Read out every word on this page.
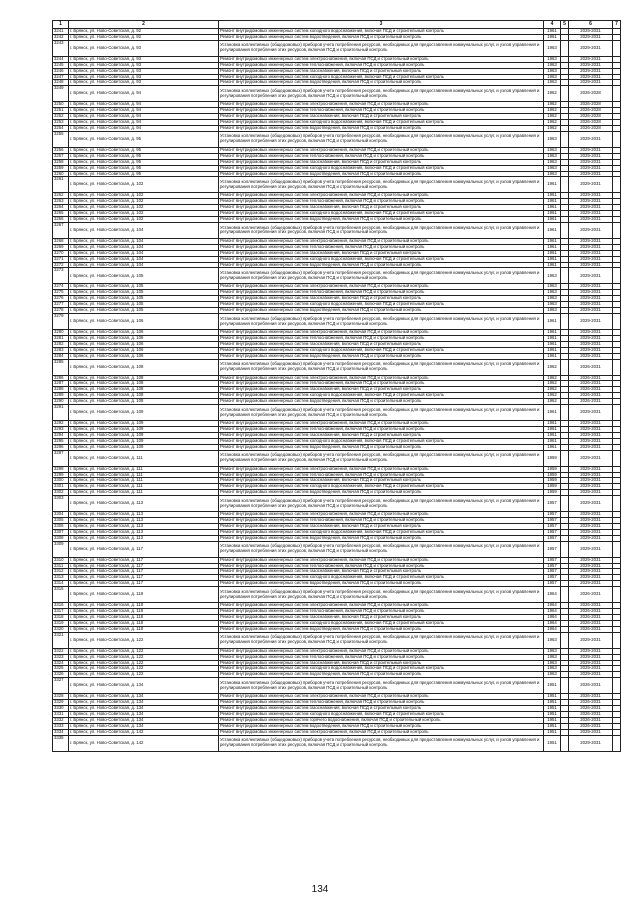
1	2	3	4	5	6	7
3241	г. Брянск, ул. Ново-Советская, д. 92	Ремонт внутридомовых инженерных систем холодного водоснабжения, включая ПСД и строительный контроль	1961		2029-2031	
3242	г. Брянск, ул. Ново-Советская, д. 92	Ремонт внутридомовых инженерных систем водоотведения, включая ПСД и строительный контроль	1961		2029-2031	
3243	г. Брянск, ул. Ново-Советская, д. 93	Установка коллективных (общедомовых) приборов учета потребления ресурсов, необходимых для предоставления коммунальных услуг, и узлов управления и регулирования потребления этих ресурсов, включая ПСД и строительный контроль	1963		2029-2031	
3244	г. Брянск, ул. Ново-Советская, д. 93	Ремонт внутридомовых инженерных систем электроснабжения, включая ПСД и строительный контроль	1963		2029-2031	
3245	г. Брянск, ул. Ново-Советская, д. 93	Ремонт внутридомовых инженерных систем теплоснабжения, включая ПСД и строительный контроль	1963		2029-2031	
3246	г. Брянск, ул. Ново-Советская, д. 93	Ремонт внутридомовых инженерных систем газоснабжения, включая ПСД и строительный контроль	1963		2029-2031	
3247	г. Брянск, ул. Ново-Советская, д. 93	Ремонт внутридомовых инженерных систем холодного водоснабжения, включая ПСД и строительный контроль	1963		2029-2031	
3248	г. Брянск, ул. Ново-Советская, д. 93	Ремонт внутридомовых инженерных систем водоотведения, включая ПСД и строительный контроль	1963		2029-2031	
3249	г. Брянск, ул. Ново-Советская, д. 94	Установка коллективных (общедомовых) приборов учета потребления ресурсов, необходимых для предоставления коммунальных услуг, и узлов управления и регулирования потребления этих ресурсов, включая ПСД и строительный контроль	1962		2026-2028	
3250	г. Брянск, ул. Ново-Советская, д. 94	Ремонт внутридомовых инженерных систем электроснабжения, включая ПСД и строительный контроль	1962		2026-2028	
3251	г. Брянск, ул. Ново-Советская, д. 94	Ремонт внутридомовых инженерных систем теплоснабжения, включая ПСД и строительный контроль	1962		2026-2028	
3252	г. Брянск, ул. Ново-Советская, д. 94	Ремонт внутридомовых инженерных систем газоснабжения, включая ПСД и строительный контроль	1962		2026-2028	
3253	г. Брянск, ул. Ново-Советская, д. 94	Ремонт внутридомовых инженерных систем холодного водоснабжения, включая ПСД и строительный контроль	1962		2026-2028	
3254	г. Брянск, ул. Ново-Советская, д. 94	Ремонт внутридомовых инженерных систем водоотведения, включая ПСД и строительный контроль	1962		2026-2028	
3255	г. Брянск, ул. Ново-Советская, д. 95	Установка коллективных (общедомовых) приборов учета потребления ресурсов, необходимых для предоставления коммунальных услуг, и узлов управления и регулирования потребления этих ресурсов, включая ПСД и строительный контроль	1963		2029-2031	
3256	г. Брянск, ул. Ново-Советская, д. 95	Ремонт внутридомовых инженерных систем электроснабжения, включая ПСД и строительный контроль	1963		2029-2031	
3257	г. Брянск, ул. Ново-Советская, д. 95	Ремонт внутридомовых инженерных систем теплоснабжения, включая ПСД и строительный контроль	1963		2029-2031	
3258	г. Брянск, ул. Ново-Советская, д. 95	Ремонт внутридомовых инженерных систем газоснабжения, включая ПСД и строительный контроль	1963		2029-2031	
3259	г. Брянск, ул. Ново-Советская, д. 95	Ремонт внутридомовых инженерных систем холодного водоснабжения, включая ПСД и строительный контроль	1963		2029-2031	
3260	г. Брянск, ул. Ново-Советская, д. 95	Ремонт внутридомовых инженерных систем водоотведения, включая ПСД и строительный контроль	1963		2029-2031	
3261	г. Брянск, ул. Ново-Советская, д. 102	Установка коллективных (общедомовых) приборов учета потребления ресурсов, необходимых для предоставления коммунальных услуг, и узлов управления и регулирования потребления этих ресурсов, включая ПСД и строительный контроль	1961		2029-2031	
3262	г. Брянск, ул. Ново-Советская, д. 102	Ремонт внутридомовых инженерных систем электроснабжения, включая ПСД и строительный контроль	1961		2029-2031	
3263	г. Брянск, ул. Ново-Советская, д. 102	Ремонт внутридомовых инженерных систем теплоснабжения, включая ПСД и строительный контроль	1961		2029-2031	
3264	г. Брянск, ул. Ново-Советская, д. 102	Ремонт внутридомовых инженерных систем газоснабжения, включая ПСД и строительный контроль	1961		2029-2031	
3265	г. Брянск, ул. Ново-Советская, д. 102	Ремонт внутридомовых инженерных систем холодного водоснабжения, включая ПСД и строительный контроль	1961		2029-2031	
3266	г. Брянск, ул. Ново-Советская, д. 102	Ремонт внутридомовых инженерных систем водоотведения, включая ПСД и строительный контроль	1961		2029-2031	
3267	г. Брянск, ул. Ново-Советская, д. 104	Установка коллективных (общедомовых) приборов учета потребления ресурсов, необходимых для предоставления коммунальных услуг, и узлов управления и регулирования потребления этих ресурсов, включая ПСД и строительный контроль	1961		2029-2031	
3268	г. Брянск, ул. Ново-Советская, д. 104	Ремонт внутридомовых инженерных систем электроснабжения, включая ПСД и строительный контроль	1961		2029-2031	
3269	г. Брянск, ул. Ново-Советская, д. 104	Ремонт внутридомовых инженерных систем теплоснабжения, включая ПСД и строительный контроль	1961		2029-2031	
3270	г. Брянск, ул. Ново-Советская, д. 104	Ремонт внутридомовых инженерных систем газоснабжения, включая ПСД и строительный контроль	1961		2029-2031	
3271	г. Брянск, ул. Ново-Советская, д. 104	Ремонт внутридомовых инженерных систем холодного водоснабжения, включая ПСД и строительный контроль	1961		2029-2031	
3272	г. Брянск, ул. Ново-Советская, д. 104	Ремонт внутридомовых инженерных систем водоотведения, включая ПСД и строительный контроль	1961		2029-2031	
3273	г. Брянск, ул. Ново-Советская, д. 105	Установка коллективных (общедомовых) приборов учета потребления ресурсов, необходимых для предоставления коммунальных услуг, и узлов управления и регулирования потребления этих ресурсов, включая ПСД и строительный контроль	1963		2029-2031	
3274	г. Брянск, ул. Ново-Советская, д. 105	Ремонт внутридомовых инженерных систем электроснабжения, включая ПСД и строительный контроль	1963		2029-2031	
3275	г. Брянск, ул. Ново-Советская, д. 105	Ремонт внутридомовых инженерных систем теплоснабжения, включая ПСД и строительный контроль	1963		2029-2031	
3276	г. Брянск, ул. Ново-Советская, д. 105	Ремонт внутридомовых инженерных систем газоснабжения, включая ПСД и строительный контроль	1963		2029-2031	
3277	г. Брянск, ул. Ново-Советская, д. 105	Ремонт внутридомовых инженерных систем холодного водоснабжения, включая ПСД и строительный контроль	1963		2029-2031	
3278	г. Брянск, ул. Ново-Советская, д. 105	Ремонт внутридомовых инженерных систем водоотведения, включая ПСД и строительный контроль	1963		2029-2031	
3279	г. Брянск, ул. Ново-Советская, д. 106	Установка коллективных (общедомовых) приборов учета потребления ресурсов, необходимых для предоставления коммунальных услуг, и узлов управления и регулирования потребления этих ресурсов, включая ПСД и строительный контроль	1961		2029-2031	
3280	г. Брянск, ул. Ново-Советская, д. 106	Ремонт внутридомовых инженерных систем электроснабжения, включая ПСД и строительный контроль	1961		2029-2031	
3281	г. Брянск, ул. Ново-Советская, д. 106	Ремонт внутридомовых инженерных систем теплоснабжения, включая ПСД и строительный контроль	1961		2029-2031	
3282	г. Брянск, ул. Ново-Советская, д. 106	Ремонт внутридомовых инженерных систем газоснабжения, включая ПСД и строительный контроль	1961		2029-2031	
3283	г. Брянск, ул. Ново-Советская, д. 106	Ремонт внутридомовых инженерных систем холодного водоснабжения, включая ПСД и строительный контроль	1961		2029-2031	
3284	г. Брянск, ул. Ново-Советская, д. 106	Ремонт внутридомовых инженерных систем водоотведения, включая ПСД и строительный контроль	1961		2029-2031	
3285	г. Брянск, ул. Ново-Советская, д. 108	Установка коллективных (общедомовых) приборов учета потребления ресурсов, необходимых для предоставления коммунальных услуг, и узлов управления и регулирования потребления этих ресурсов, включая ПСД и строительный контроль	1962		2026-2031	
3286	г. Брянск, ул. Ново-Советская, д. 108	Ремонт внутридомовых инженерных систем электроснабжения, включая ПСД и строительный контроль	1962		2026-2031	
3287	г. Брянск, ул. Ново-Советская, д. 108	Ремонт внутридомовых инженерных систем теплоснабжения, включая ПСД и строительный контроль	1962		2026-2031	
3288	г. Брянск, ул. Ново-Советская, д. 108	Ремонт внутридомовых инженерных систем газоснабжения, включая ПСД и строительный контроль	1962		2026-2031	
3289	г. Брянск, ул. Ново-Советская, д. 108	Ремонт внутридомовых инженерных систем холодного водоснабжения, включая ПСД и строительный контроль	1962		2026-2031	
3290	г. Брянск, ул. Ново-Советская, д. 108	Ремонт внутридомовых инженерных систем водоотведения, включая ПСД и строительный контроль	1962		2026-2031	
3291	г. Брянск, ул. Ново-Советская, д. 109	Установка коллективных (общедомовых) приборов учета потребления ресурсов, необходимых для предоставления коммунальных услуг, и узлов управления и регулирования потребления этих ресурсов, включая ПСД и строительный контроль	1961		2029-2031	
3292	г. Брянск, ул. Ново-Советская, д. 109	Ремонт внутридомовых инженерных систем электроснабжения, включая ПСД и строительный контроль	1961		2029-2031	
3293	г. Брянск, ул. Ново-Советская, д. 109	Ремонт внутридомовых инженерных систем теплоснабжения, включая ПСД и строительный контроль	1961		2029-2031	
3294	г. Брянск, ул. Ново-Советская, д. 109	Ремонт внутридомовых инженерных систем газоснабжения, включая ПСД и строительный контроль	1961		2029-2031	
3295	г. Брянск, ул. Ново-Советская, д. 109	Ремонт внутридомовых инженерных систем холодного водоснабжения, включая ПСД и строительный контроль	1961		2029-2031	
3296	г. Брянск, ул. Ново-Советская, д. 109	Ремонт внутридомовых инженерных систем водоотведения, включая ПСД и строительный контроль	1961		2029-2031	
3297	г. Брянск, ул. Ново-Советская, д. 111	Установка коллективных (общедомовых) приборов учета потребления ресурсов, необходимых для предоставления коммунальных услуг, и узлов управления и регулирования потребления этих ресурсов, включая ПСД и строительный контроль	1959		2029-2031	
3298	г. Брянск, ул. Ново-Советская, д. 111	Ремонт внутридомовых инженерных систем электроснабжения, включая ПСД и строительный контроль	1959		2029-2031	
3299	г. Брянск, ул. Ново-Советская, д. 111	Ремонт внутридомовых инженерных систем теплоснабжения, включая ПСД и строительный контроль	1959		2029-2031	
3300	г. Брянск, ул. Ново-Советская, д. 111	Ремонт внутридомовых инженерных систем газоснабжения, включая ПСД и строительный контроль	1959		2029-2031	
3301	г. Брянск, ул. Ново-Советская, д. 111	Ремонт внутридомовых инженерных систем холодного водоснабжения, включая ПСД и строительный контроль	1959		2029-2031	
3302	г. Брянск, ул. Ново-Советская, д. 111	Ремонт внутридомовых инженерных систем водоотведения, включая ПСД и строительный контроль	1959		2029-2031	
3303	г. Брянск, ул. Ново-Советская, д. 113	Установка коллективных (общедомовых) приборов учета потребления ресурсов, необходимых для предоставления коммунальных услуг, и узлов управления и регулирования потребления этих ресурсов, включая ПСД и строительный контроль	1957		2029-2031	
3304	г. Брянск, ул. Ново-Советская, д. 113	Ремонт внутридомовых инженерных систем электроснабжения, включая ПСД и строительный контроль	1957		2029-2031	
3305	г. Брянск, ул. Ново-Советская, д. 113	Ремонт внутридомовых инженерных систем теплоснабжения, включая ПСД и строительный контроль	1957		2029-2031	
3306	г. Брянск, ул. Ново-Советская, д. 113	Ремонт внутридомовых инженерных систем газоснабжения, включая ПСД и строительный контроль	1957		2029-2031	
3307	г. Брянск, ул. Ново-Советская, д. 113	Ремонт внутридомовых инженерных систем холодного водоснабжения, включая ПСД и строительный контроль	1957		2029-2031	
3308	г. Брянск, ул. Ново-Советская, д. 113	Ремонт внутридомовых инженерных систем водоотведения, включая ПСД и строительный контроль	1957		2029-2031	
3309	г. Брянск, ул. Ново-Советская, д. 117	Установка коллективных (общедомовых) приборов учета потребления ресурсов, необходимых для предоставления коммунальных услуг, и узлов управления и регулирования потребления этих ресурсов, включая ПСД и строительный контроль	1957		2029-2031	
3310	г. Брянск, ул. Ново-Советская, д. 117	Ремонт внутридомовых инженерных систем электроснабжения, включая ПСД и строительный контроль	1957		2029-2031	
3311	г. Брянск, ул. Ново-Советская, д. 117	Ремонт внутридомовых инженерных систем теплоснабжения, включая ПСД и строительный контроль	1957		2029-2031	
3312	г. Брянск, ул. Ново-Советская, д. 117	Ремонт внутридомовых инженерных систем газоснабжения, включая ПСД и строительный контроль	1957		2029-2031	
3313	г. Брянск, ул. Ново-Советская, д. 117	Ремонт внутридомовых инженерных систем холодного водоснабжения, включая ПСД и строительный контроль	1957		2029-2031	
3314	г. Брянск, ул. Ново-Советская, д. 117	Ремонт внутридомовых инженерных систем водоотведения, включая ПСД и строительный контроль	1957		2029-2031	
3315	г. Брянск, ул. Ново-Советская, д. 118	Установка коллективных (общедомовых) приборов учета потребления ресурсов, необходимых для предоставления коммунальных услуг, и узлов управления и регулирования потребления этих ресурсов, включая ПСД и строительный контроль	1964		2026-2031	
3316	г. Брянск, ул. Ново-Советская, д. 118	Ремонт внутридомовых инженерных систем электроснабжения, включая ПСД и строительный контроль	1964		2026-2031	
3317	г. Брянск, ул. Ново-Советская, д. 118	Ремонт внутридомовых инженерных систем теплоснабжения, включая ПСД и строительный контроль	1964		2026-2031	
3318	г. Брянск, ул. Ново-Советская, д. 118	Ремонт внутридомовых инженерных систем газоснабжения, включая ПСД и строительный контроль	1964		2026-2031	
3319	г. Брянск, ул. Ново-Советская, д. 118	Ремонт внутридомовых инженерных систем холодного водоснабжения, включая ПСД и строительный контроль	1964		2026-2031	
3320	г. Брянск, ул. Ново-Советская, д. 118	Ремонт внутридомовых инженерных систем водоотведения, включая ПСД и строительный контроль	1964		2026-2031	
3321	г. Брянск, ул. Ново-Советская, д. 122	Установка коллективных (общедомовых) приборов учета потребления ресурсов, необходимых для предоставления коммунальных услуг, и узлов управления и регулирования потребления этих ресурсов, включая ПСД и строительный контроль	1963		2029-2031	
3322	г. Брянск, ул. Ново-Советская, д. 122	Ремонт внутридомовых инженерных систем электроснабжения, включая ПСД и строительный контроль	1963		2029-2031	
3323	г. Брянск, ул. Ново-Советская, д. 122	Ремонт внутридомовых инженерных систем теплоснабжения, включая ПСД и строительный контроль	1963		2029-2031	
3324	г. Брянск, ул. Ново-Советская, д. 122	Ремонт внутридомовых инженерных систем газоснабжения, включая ПСД и строительный контроль	1963		2029-2031	
3325	г. Брянск, ул. Ново-Советская, д. 122	Ремонт внутридомовых инженерных систем холодного водоснабжения, включая ПСД и строительный контроль	1963		2029-2031	
3326	г. Брянск, ул. Ново-Советская, д. 122	Ремонт внутридомовых инженерных систем водоотведения, включая ПСД и строительный контроль	1963		2029-2031	
3327	г. Брянск, ул. Ново-Советская, д. 134	Установка коллективных (общедомовых) приборов учета потребления ресурсов, необходимых для предоставления коммунальных услуг, и узлов управления и регулирования потребления этих ресурсов, включая ПСД и строительный контроль	1951		2026-2031	
3328	г. Брянск, ул. Ново-Советская, д. 134	Ремонт внутридомовых инженерных систем электроснабжения, включая ПСД и строительный контроль	1951		2026-2031	
3329	г. Брянск, ул. Ново-Советская, д. 134	Ремонт внутридомовых инженерных систем теплоснабжения, включая ПСД и строительный контроль	1951		2026-2031	
3330	г. Брянск, ул. Ново-Советская, д. 134	Ремонт внутридомовых инженерных систем газоснабжения, включая ПСД и строительный контроль	1951		2026-2031	
3331	г. Брянск, ул. Ново-Советская, д. 134	Ремонт внутридомовых инженерных систем холодного водоснабжения, включая ПСД и строительный контроль	1951		2026-2031	
3332	г. Брянск, ул. Ново-Советская, д. 134	Ремонт внутридомовых инженерных систем горячего водоснабжения, включая ПСД и строительный контроль	1951		2026-2031	
3333	г. Брянск, ул. Ново-Советская, д. 134	Ремонт внутридомовых инженерных систем водоотведения, включая ПСД и строительный контроль	1951		2026-2031	
3334	г. Брянск, ул. Ново-Советская, д. 142	Ремонт внутридомовых инженерных систем электроснабжения, включая ПСД и строительный контроль	1951		2029-2031	
3335	г. Брянск, ул. Ново-Советская, д. 142	Установка коллективных (общедомовых) приборов учета потребления ресурсов, необходимых для предоставления коммунальных услуг, и узлов управления и регулирования потребления этих ресурсов, включая ПСД и строительный контроль	1951		2029-2031	
134
